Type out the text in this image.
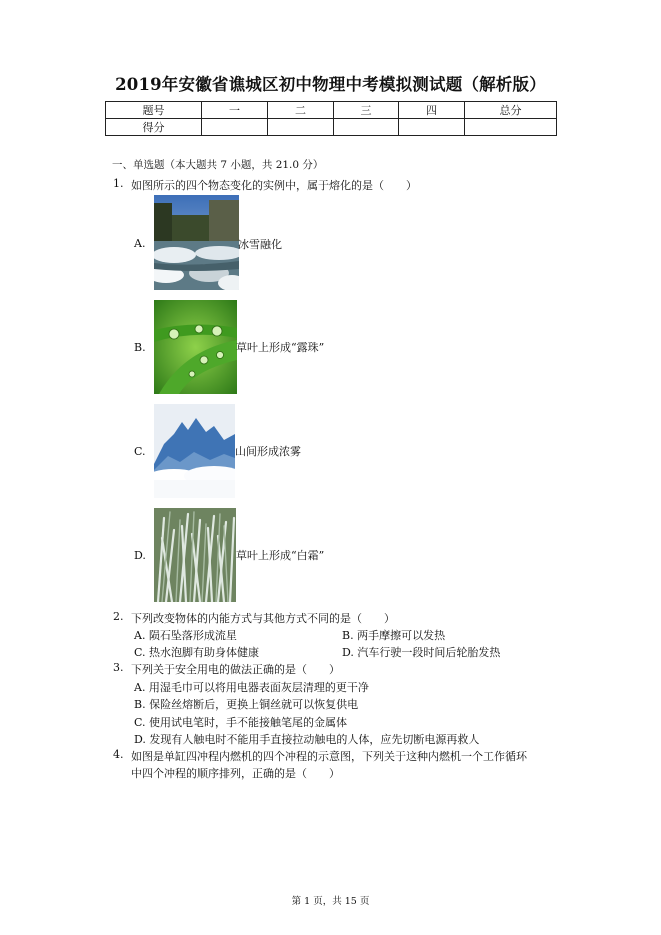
2019年安徽省谯城区初中物理中考模拟测试题（解析版）
题号	一	二	三	四	总分
得分					
一、单选题（本大题共 7 小题，共 21.0 分）
1. 如图所示的四个物态变化的实例中，属于熔化的是（　　）
A.	冰雪融化
B.	草叶上形成“露珠”
C.	山间形成浓雾
D.	草叶上形成“白霜”
2. 下列改变物体的内能方式与其他方式不同的是（　　）
A. 陨石坠落形成流星	B. 两手摩擦可以发热
C. 热水泡脚有助身体健康	D. 汽车行驶一段时间后轮胎发热
3. 下列关于安全用电的做法正确的是（　　）
A. 用湿毛巾可以将用电器表面灰层清理的更干净
B. 保险丝熔断后，更换上铜丝就可以恢复供电
C. 使用试电笔时，手不能接触笔尾的金属体
D. 发现有人触电时不能用手直接拉动触电的人体，应先切断电源再救人
4. 如图是单缸四冲程内燃机的四个冲程的示意图，下列关于这种内燃机一个工作循环
中四个冲程的顺序排列，正确的是（　　）
第 1 页，共 15 页
